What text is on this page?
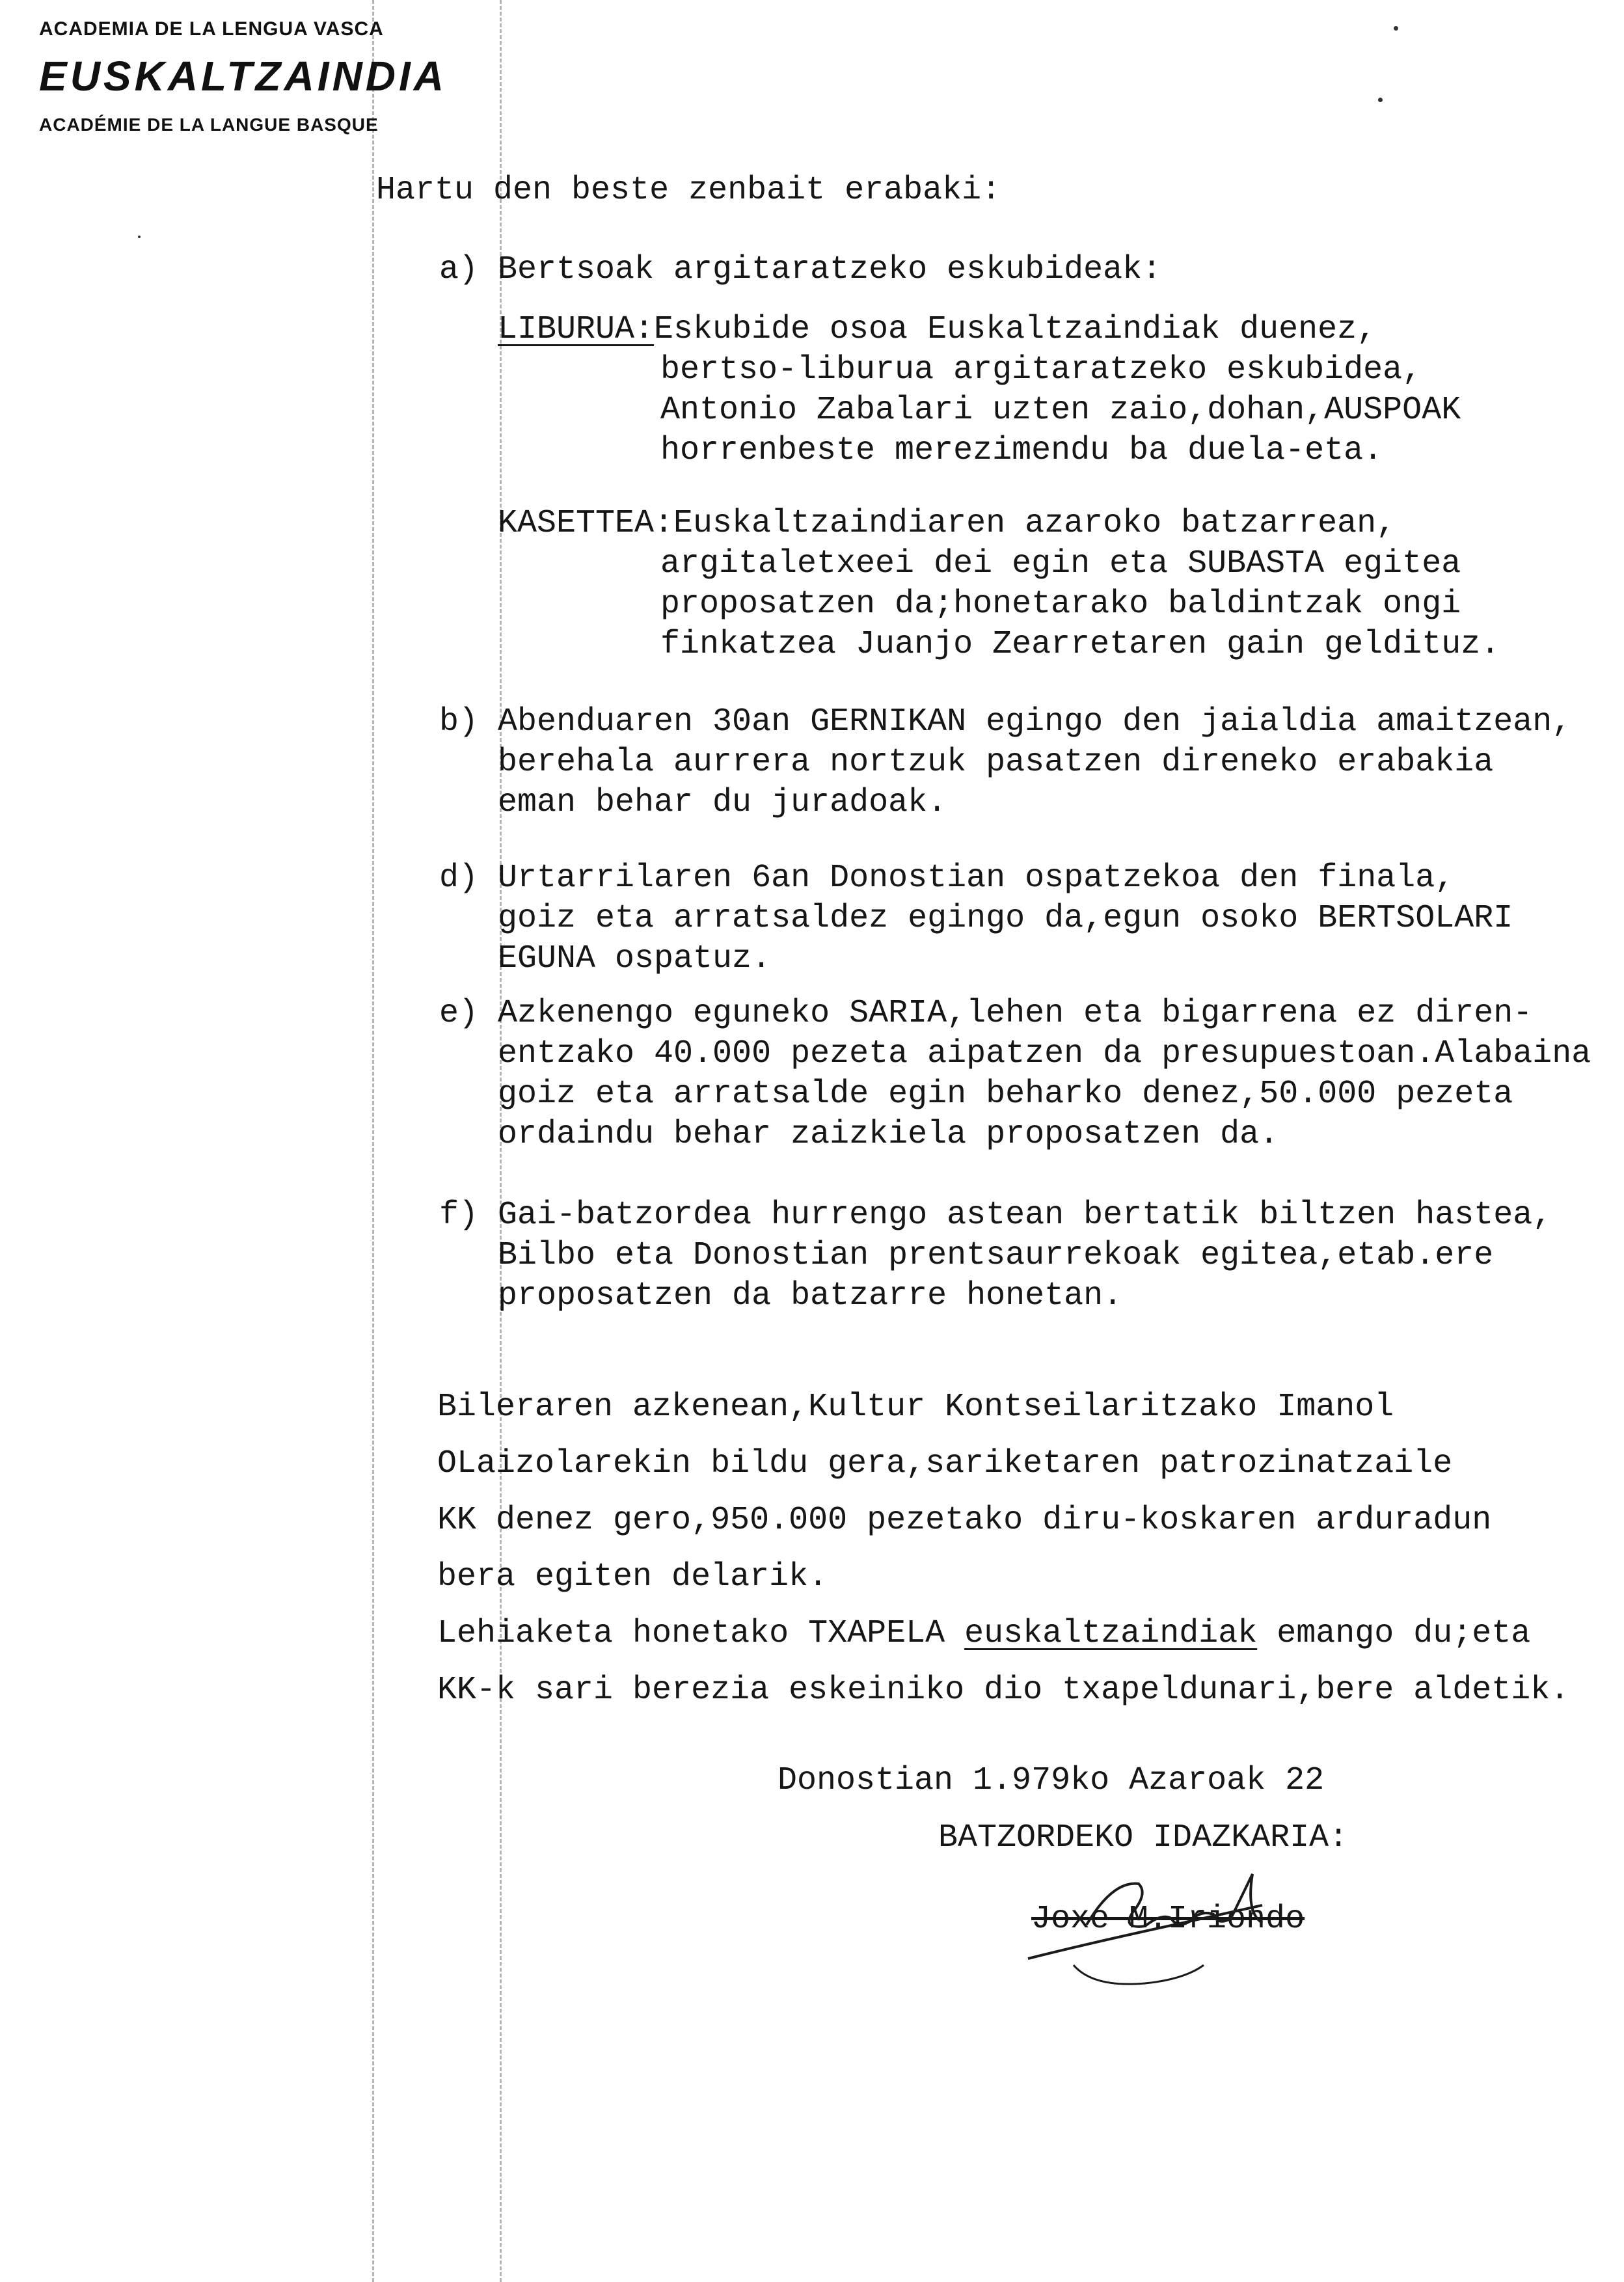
ACADEMIA DE LA LENGUA VASCA
EUSKALTZAINDIA
ACADÉMIE DE LA LANGUE BASQUE
Hartu den beste zenbait erabaki:
a) Bertsoak argitaratzeko eskubideak:
LIBURUA: Eskubide osoa Euskaltzaindiak duenez,
bertso-liburua argitaratzeko eskubidea,
Antonio Zabalari uzten zaio,dohan,AUSPOAK
horrenbeste merezimendu ba duela-eta.
KASETTEA: Euskaltzaindiaren azaroko batzarrean,
argitaletxeei dei egin eta SUBASTA egitea
proposatzen da;honetarako baldintzak ongi
finkatzea Juanjo Zearretaren gain geldituz.
b) Abenduaren 30an GERNIKAN egingo den jaialdia amaitzean,
berehala aurrera nortzuk pasatzen direneko erabakia
eman behar du juradoak.
d) Urtarrilaren 6an Donostian ospatzekoa den finala,
goiz eta arratsaldez egingo da,egun osoko BERTSOLARI
EGUNA ospatuz.
e) Azkenengo eguneko SARIA,lehen eta bigarrena ez diren-
entzako 40.000 pezeta aipatzen da presupuestoan.Alabaina
goiz eta arratsalde egin beharko denez,50.000 pezeta
ordaindu behar zaizkiela proposatzen da.
f) Gai-batzordea hurrengo astean bertatik biltzen hastea,
Bilbo eta Donostian prentsaurrekoak egitea,etab.ere
proposatzen da batzarre honetan.
Bileraren azkenean,Kultur Kontseilaritzako Imanol
OLaizolarekin bildu gera,sariketaren patrozinatzaile
KK denez gero,950.000 pezetako diru-koskaren arduradun
bera egiten delarik.
Lehiaketa honetako TXAPELA euskaltzaindiak emango du;eta
KK-k sari berezia eskeiniko dio txapeldunari,bere aldetik.
Donostian 1.979ko Azaroak 22
BATZORDEKO IDAZKARIA:
Joxe M.Iriondo
